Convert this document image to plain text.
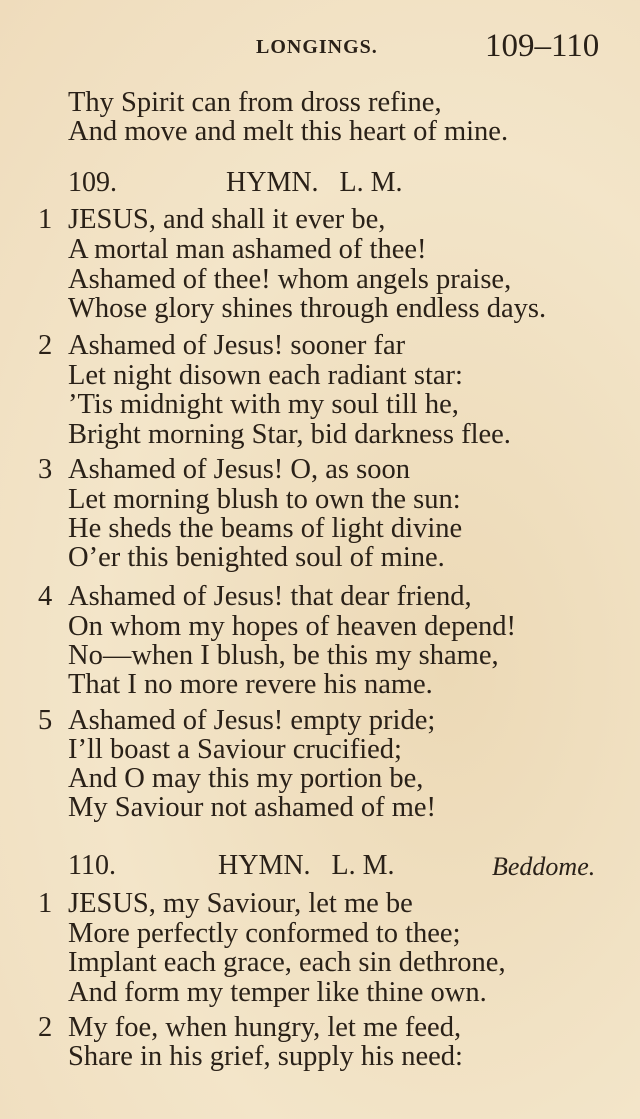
LONGINGS.	109–110
Thy Spirit can from dross refine,
And move and melt this heart of mine.
109.	HYMN.   L. M.
1 JESUS, and shall it ever be,
A mortal man ashamed of thee!
Ashamed of thee! whom angels praise,
Whose glory shines through endless days.
2 Ashamed of Jesus! sooner far
Let night disown each radiant star:
’Tis midnight with my soul till he,
Bright morning Star, bid darkness flee.
3 Ashamed of Jesus! O, as soon
Let morning blush to own the sun:
He sheds the beams of light divine
O’er this benighted soul of mine.
4 Ashamed of Jesus! that dear friend,
On whom my hopes of heaven depend!
No—when I blush, be this my shame,
That I no more revere his name.
5 Ashamed of Jesus! empty pride;
I’ll boast a Saviour crucified;
And O may this my portion be,
My Saviour not ashamed of me!
110.	HYMN.   L. M.	Beddome.
1 JESUS, my Saviour, let me be
More perfectly conformed to thee;
Implant each grace, each sin dethrone,
And form my temper like thine own.
2 My foe, when hungry, let me feed,
Share in his grief, supply his need:
